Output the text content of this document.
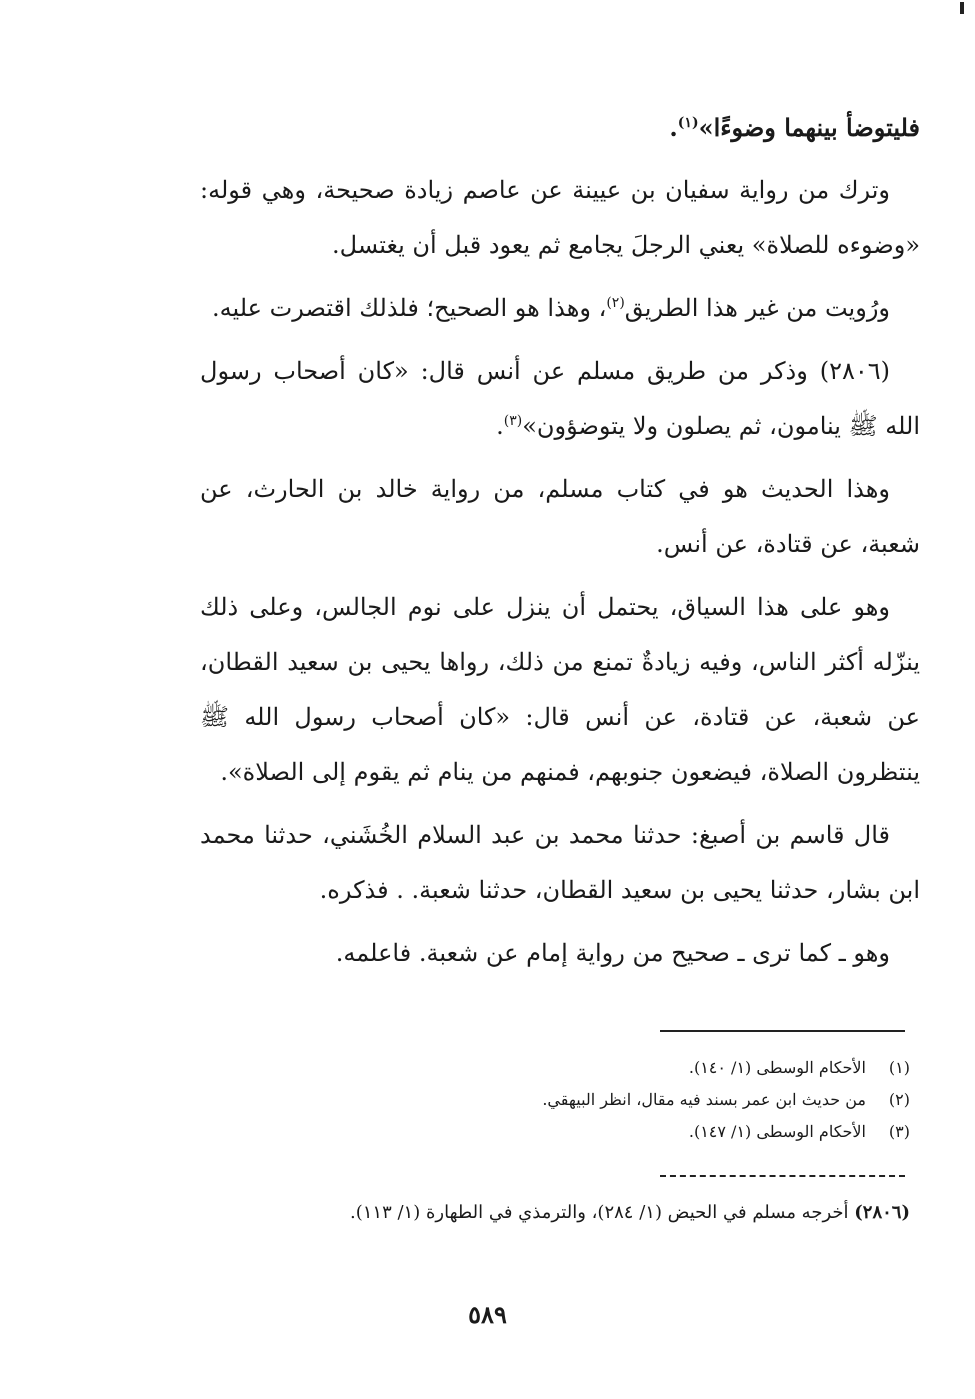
فليتوضأ بينهما وضوءًا»$^{(١)}$.

وترك من رواية سفيان بن عيينة عن عاصم زيادة صحيحة، وهي قوله: «وضوءه للصلاة» يعني الرجلَ يجامع ثم يعود قبل أن يغتسل.

ورُويت من غير هذا الطريق$^{(٢)}$، وهذا هو الصحيح؛ فلذلك اقتصرت عليه.

(٢٨٠٦) وذكر من طريق مسلم عن أنس قال: «كان أصحاب رسول الله ﷺ ينامون، ثم يصلون ولا يتوضؤون»$^{(٣)}$.

وهذا الحديث هو في كتاب مسلم، من رواية خالد بن الحارث، عن شعبة، عن قتادة، عن أنس.

وهو على هذا السياق، يحتمل أن ينزل على نوم الجالس، وعلى ذلك ينزّله أكثر الناس، وفيه زيادةٌ تمنع من ذلك، رواها يحيى بن سعيد القطان، عن شعبة، عن قتادة، عن أنس قال: «كان أصحاب رسول الله ﷺ ينتظرون الصلاة، فيضعون جنوبهم، فمنهم من ينام ثم يقوم إلى الصلاة».

قال قاسم بن أصبغ: حدثنا محمد بن عبد السلام الخُشَني، حدثنا محمد ابن بشار، حدثنا يحيى بن سعيد القطان، حدثنا شعبة. . فذكره.

وهو ـ كما ترى ـ صحيح من رواية إمام عن شعبة. فاعلمه.

(١)الأحكام الوسطى (١/ ١٤٠).
(٢)من حديث ابن عمر بسند فيه مقال، انظر البيهقي.
(٣)الأحكام الوسطى (١/ ١٤٧).
(٢٨٠٦) أخرجه مسلم في الحيض (١/ ٢٨٤)، والترمذي في الطهارة (١/ ١١٣).
٥٨٩
